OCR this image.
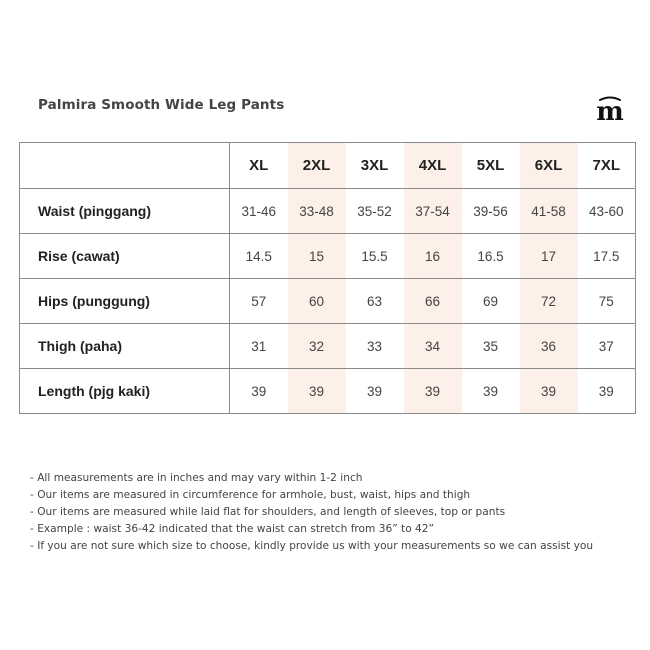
Palmira Smooth Wide Leg Pants	m
	XL	2XL	3XL	4XL	5XL	6XL	7XL
Waist (pinggang)	31-46	33-48	35-52	37-54	39-56	41-58	43-60
Rise (cawat)	14.5	15	15.5	16	16.5	17	17.5
Hips (punggung)	57	60	63	66	69	72	75
Thigh (paha)	31	32	33	34	35	36	37
Length (pjg kaki)	39	39	39	39	39	39	39
- All measurements are in inches and may vary within 1-2 inch
- Our items are measured in circumference for armhole, bust, waist, hips and thigh
- Our items are measured while laid flat for shoulders, and length of sleeves, top or pants
- Example : waist 36-42 indicated that the waist can stretch from 36” to 42”
- If you are not sure which size to choose, kindly provide us with your measurements so we can assist you
